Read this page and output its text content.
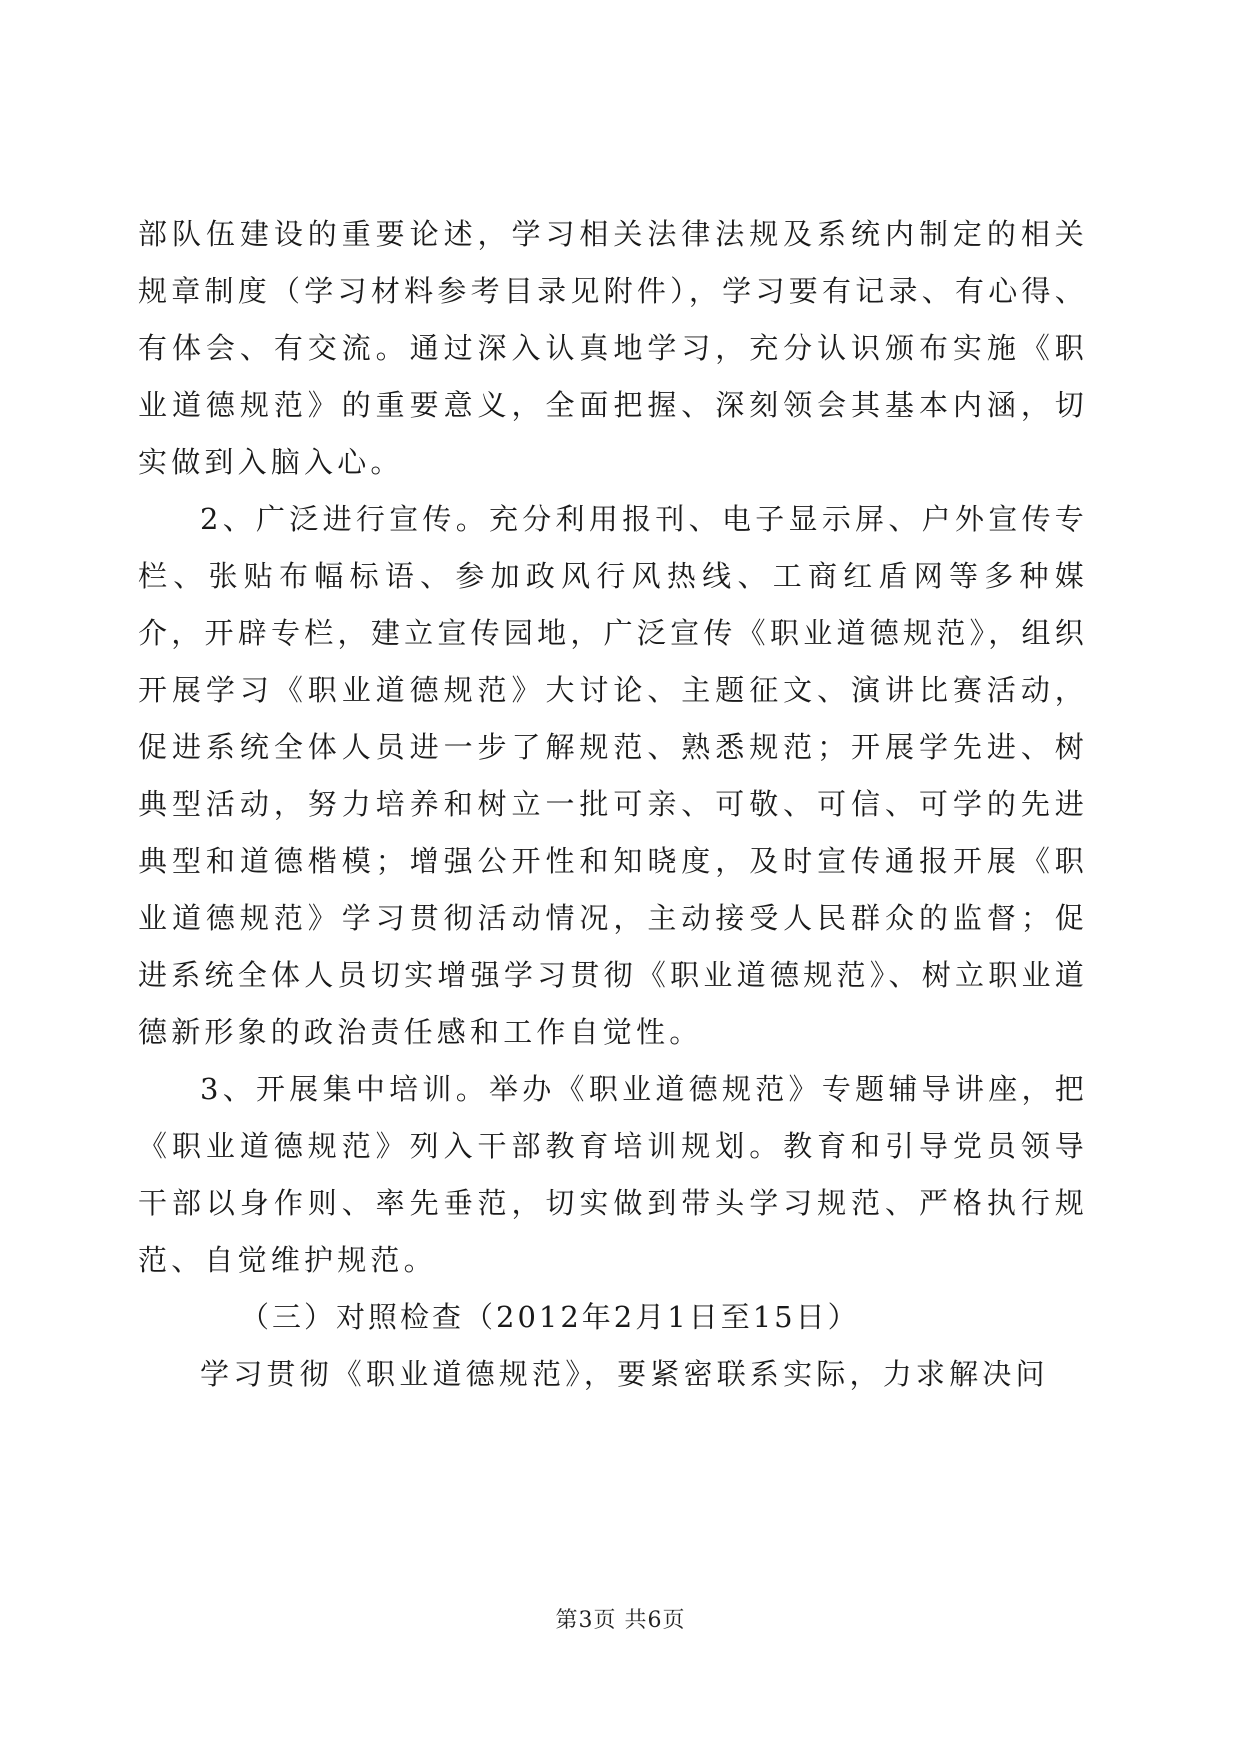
部队伍建设的重要论述，学习相关法律法规及系统内制定的相关规章制度（学习材料参考目录见附件），学习要有记录、有心得、有体会、有交流。通过深入认真地学习，充分认识颁布实施《职业道德规范》的重要意义，全面把握、深刻领会其基本内涵，切实做到入脑入心。

2、广泛进行宣传。充分利用报刊、电子显示屏、户外宣传专栏、张贴布幅标语、参加政风行风热线、工商红盾网等多种媒介，开辟专栏，建立宣传园地，广泛宣传《职业道德规范》，组织开展学习《职业道德规范》大讨论、主题征文、演讲比赛活动，促进系统全体人员进一步了解规范、熟悉规范；开展学先进、树典型活动，努力培养和树立一批可亲、可敬、可信、可学的先进典型和道德楷模；增强公开性和知晓度，及时宣传通报开展《职业道德规范》学习贯彻活动情况，主动接受人民群众的监督；促进系统全体人员切实增强学习贯彻《职业道德规范》、树立职业道德新形象的政治责任感和工作自觉性。

3、开展集中培训。举办《职业道德规范》专题辅导讲座，把《职业道德规范》列入干部教育培训规划。教育和引导党员领导干部以身作则、率先垂范，切实做到带头学习规范、严格执行规范、自觉维护规范。

（三）对照检查（2012年2月1日至15日）

学习贯彻《职业道德规范》，要紧密联系实际，力求解决问

第3页 共6页
